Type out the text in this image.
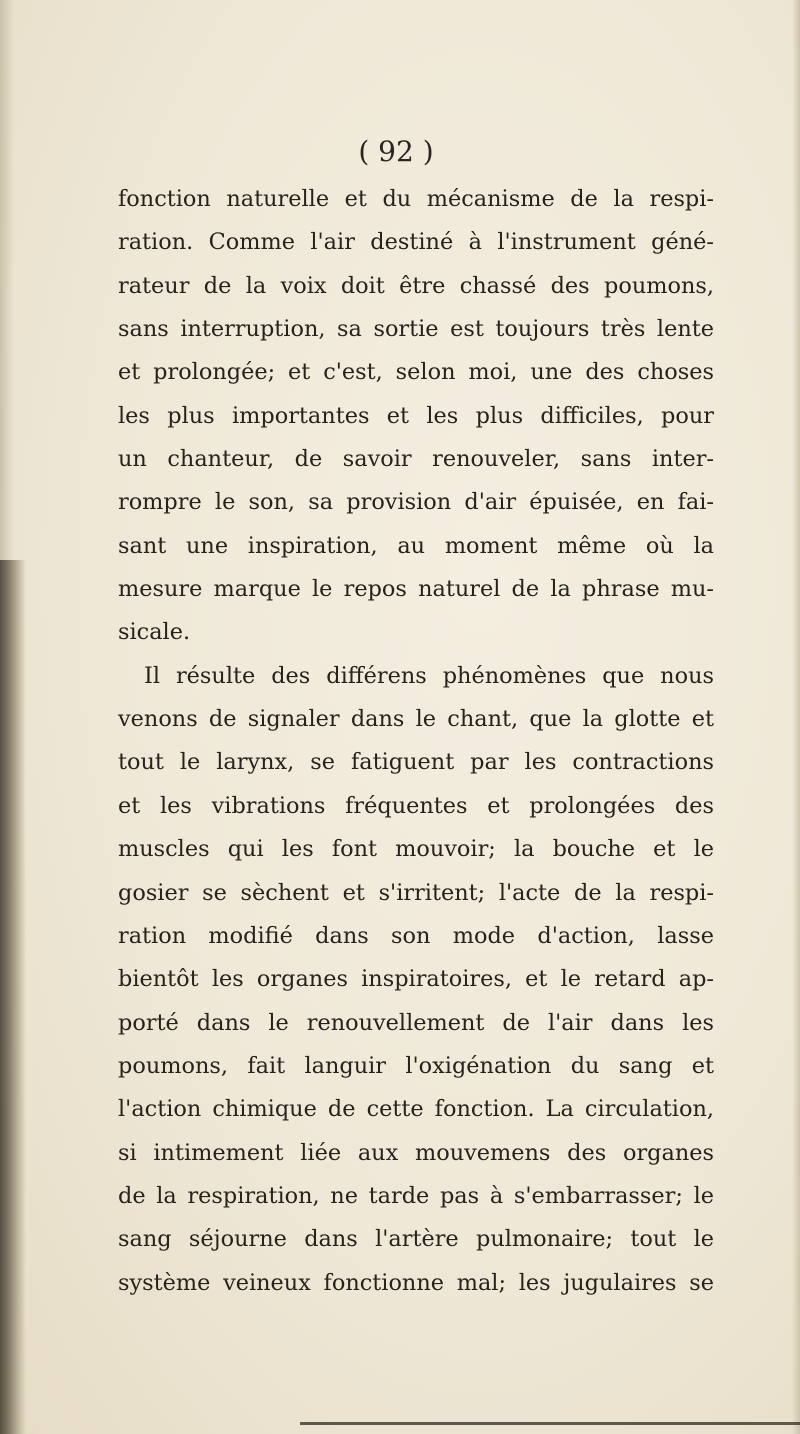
( 92 )
fonction naturelle et du mécanisme de la respi-
ration. Comme l'air destiné à l'instrument géné-
rateur de la voix doit être chassé des poumons,
sans interruption, sa sortie est toujours très lente
et prolongée; et c'est, selon moi, une des choses
les plus importantes et les plus difficiles, pour
un chanteur, de savoir renouveler, sans inter-
rompre le son, sa provision d'air épuisée, en fai-
sant une inspiration, au moment même où la
mesure marque le repos naturel de la phrase mu-
sicale.
Il résulte des différens phénomènes que nous
venons de signaler dans le chant, que la glotte et
tout le larynx, se fatiguent par les contractions
et les vibrations fréquentes et prolongées des
muscles qui les font mouvoir; la bouche et le
gosier se sèchent et s'irritent; l'acte de la respi-
ration modifié dans son mode d'action, lasse
bientôt les organes inspiratoires, et le retard ap-
porté dans le renouvellement de l'air dans les
poumons, fait languir l'oxigénation du sang et
l'action chimique de cette fonction. La circulation,
si intimement liée aux mouvemens des organes
de la respiration, ne tarde pas à s'embarrasser; le
sang séjourne dans l'artère pulmonaire; tout le
système veineux fonctionne mal; les jugulaires se
